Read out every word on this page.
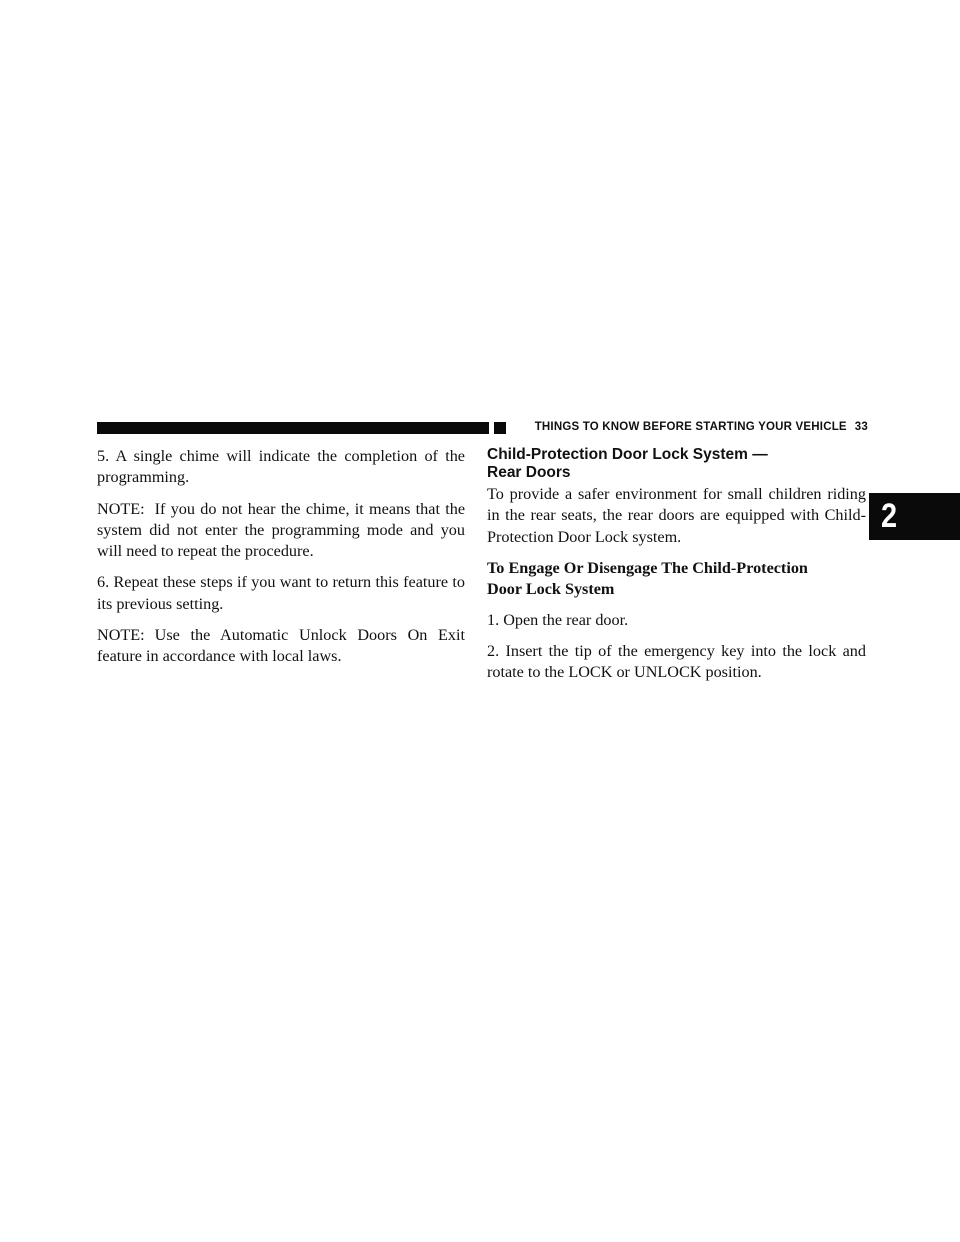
THINGS TO KNOW BEFORE STARTING YOUR VEHICLE 33
2

5. A single chime will indicate the completion of the programming.

NOTE: If you do not hear the chime, it means that the system did not enter the programming mode and you will need to repeat the procedure.

6. Repeat these steps if you want to return this feature to its previous setting.

NOTE: Use the Automatic Unlock Doors On Exit feature in accordance with local laws.

Child-Protection Door Lock System —
Rear Doors

To provide a safer environment for small children riding in the rear seats, the rear doors are equipped with Child-Protection Door Lock system.

To Engage Or Disengage The Child-Protection
Door Lock System

1. Open the rear door.

2. Insert the tip of the emergency key into the lock and rotate to the LOCK or UNLOCK position.
